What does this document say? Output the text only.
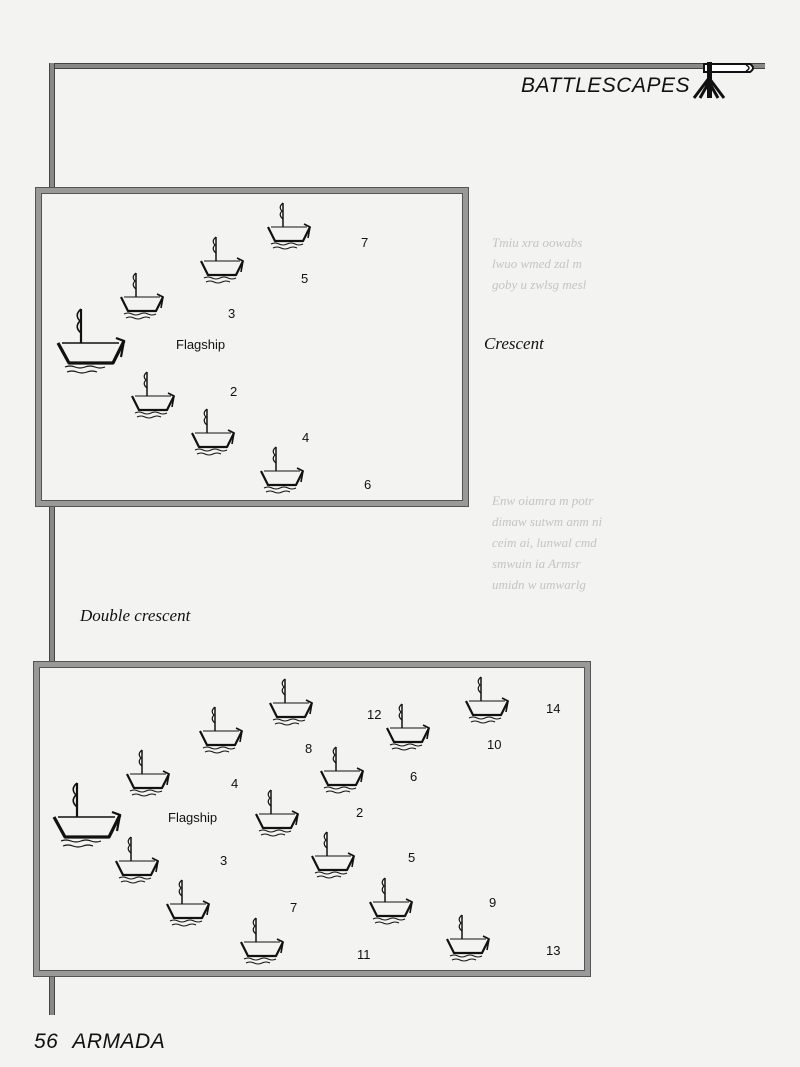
Tmiu xra oowabs
lwuo wmed zal m
goby u zwlsg mesl
Enw oiamra m potr
dimaw sutwm anm ni
ceim ai, lunwal cmd
smwuin ia Armsr
umidn w umwarlg

BATTLESCAPES
Flagship
7
5
3
2
4
6
Crescent
Double crescent
Flagship
14
12
10
8
6
4
2
3	5
7	9
11	13
56 ARMADA
